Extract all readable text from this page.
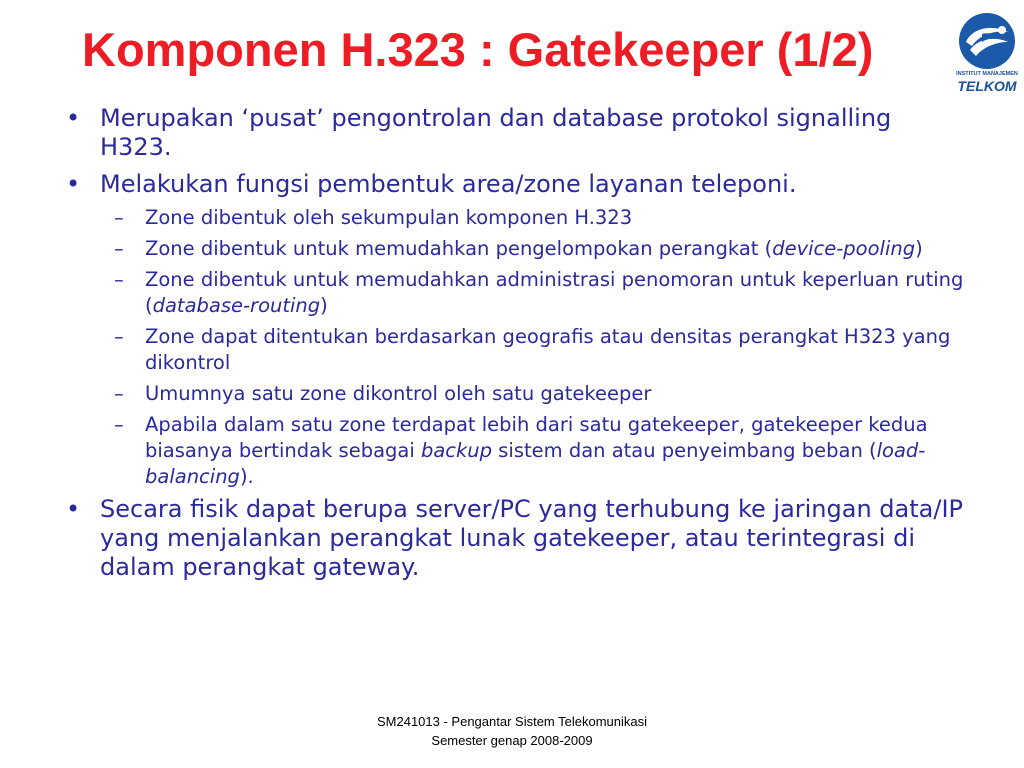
Komponen H.323 : Gatekeeper (1/2)	INSTITUT MANAJEMEN
TELKOM
• Merupakan ‘pusat’ pengontrolan dan database protokol signalling H323.
• Melakukan fungsi pembentuk area/zone layanan teleponi.
– Zone dibentuk oleh sekumpulan komponen H.323
– Zone dibentuk untuk memudahkan pengelompokan perangkat (device-pooling)
– Zone dibentuk untuk memudahkan administrasi penomoran untuk keperluan ruting (database-routing)
– Zone dapat ditentukan berdasarkan geografis atau densitas perangkat H323 yang dikontrol
– Umumnya satu zone dikontrol oleh satu gatekeeper
– Apabila dalam satu zone terdapat lebih dari satu gatekeeper, gatekeeper kedua biasanya bertindak sebagai backup sistem dan atau penyeimbang beban (load-balancing).
• Secara fisik dapat berupa server/PC yang terhubung ke jaringan data/IP yang menjalankan perangkat lunak gatekeeper, atau terintegrasi di dalam perangkat gateway.
SM241013 - Pengantar Sistem Telekomunikasi
Semester genap 2008-2009
